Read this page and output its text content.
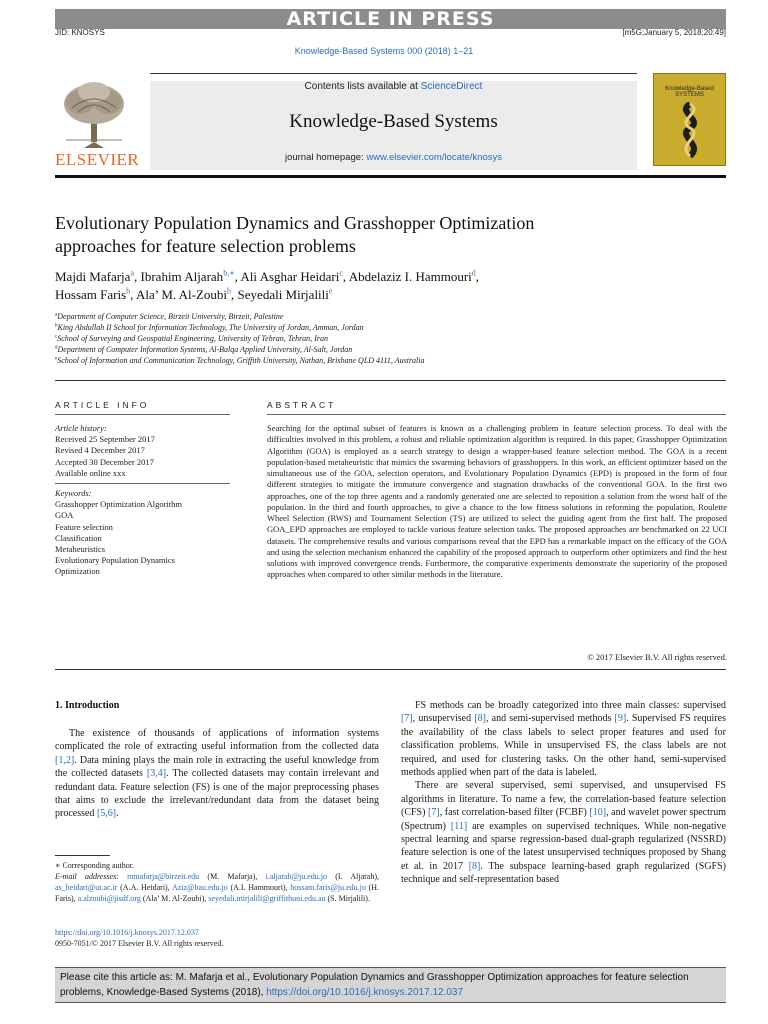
ARTICLE IN PRESS
JID: KNOSYS	[m5G;January 5, 2018;20:49]
Knowledge-Based Systems 000 (2018) 1–21
ELSEVIER
Contents lists available at ScienceDirect
Knowledge-Based Systems
journal homepage: www.elsevier.com/locate/knosys
Knowledge-Based SYSTEMS
Evolutionary Population Dynamics and Grasshopper Optimization
approaches for feature selection problems
Majdi Mafarja$^a$, Ibrahim Aljarah$^{b,∗}$, Ali Asghar Heidari$^c$, Abdelaziz I. Hammouri$^d$,
Hossam Faris$^b$, Ala’ M. Al-Zoubi$^b$, Seyedali Mirjalili$^e$
$^a$Department of Computer Science, Birzeit University, Birzeit, Palestine
$^b$King Abdullah II School for Information Technology, The University of Jordan, Amman, Jordan
$^c$School of Surveying and Geospatial Engineering, University of Tehran, Tehran, Iran
$^d$Department of Computer Information Systems, Al-Balqa Applied University, Al-Salt, Jordan
$^e$School of Information and Communication Technology, Griffith University, Nathan, Brisbane QLD 4111, Australia
ARTICLE INFO	ABSTRACT
Article history:
Received 25 September 2017
Revised 4 December 2017
Accepted 30 December 2017
Available online xxx
Keywords:
Grasshopper Optimization Algorithm
GOA
Feature selection
Classification
Metaheuristics
Evolutionary Population Dynamics
Optimization
Searching for the optimal subset of features is known as a challenging problem in feature selection process. To deal with the difficulties involved in this problem, a robust and reliable optimization algorithm is required. In this paper, Grasshopper Optimization Algorithm (GOA) is employed as a search strategy to design a wrapper-based feature selection method. The GOA is a recent population-based metaheuristic that mimics the swarming behaviors of grasshoppers. In this work, an efficient optimizer based on the simultaneous use of the GOA, selection operators, and Evolutionary Population Dynamics (EPD) is proposed in the form of four different strategies to mitigate the immature convergence and stagnation drawbacks of the conventional GOA. In the first two approaches, one of the top three agents and a randomly generated one are selected to reposition a solution from the worst half of the population. In the third and fourth approaches, to give a chance to the low fitness solutions in reforming the population, Roulette Wheel Selection (RWS) and Tournament Selection (TS) are utilized to select the guiding agent from the first half. The proposed GOA_EPD approaches are employed to tackle various feature selection tasks. The proposed approaches are benchmarked on 22 UCI datasets. The comprehensive results and various comparisons reveal that the EPD has a remarkable impact on the efficacy of the GOA and using the selection mechanism enhanced the capability of the proposed approach to outperform other optimizers and find the best solutions with improved convergence trends. Furthermore, the comparative experiments demonstrate the superiority of the proposed approaches when compared to other similar methods in the literature.
© 2017 Elsevier B.V. All rights reserved.
1. Introduction
The existence of thousands of applications of information systems complicated the role of extracting useful information from the collected data [1,2]. Data mining plays the main role in extracting the useful knowledge from the collected datasets [3,4]. The collected datasets may contain irrelevant and redundant data. Feature selection (FS) is one of the major preprocessing phases that aims to exclude the irrelevant/redundant data from the dataset being processed [5,6].

FS methods can be broadly categorized into three main classes: supervised [7], unsupervised [8], and semi-supervised methods [9]. Supervised FS requires the availability of the class labels to select proper features and used for classification problems. While in unsupervised FS, the class labels are not required, and used for clustering tasks. On the other hand, semi-supervised methods applied when part of the data is labeled.

There are several supervised, semi supervised, and unsupervised FS algorithms in literature. To name a few, the correlation-based feature selection (CFS) [7], fast correlation-based filter (FCBF) [10], and wavelet power spectrum (Spectrum) [11] are examples on supervised techniques. While non-negative spectral learning and sparse regression-based dual-graph regularized (NSSRD) feature selection is one of the latest unsupervised techniques proposed by Shang et al. in 2017 [8]. The subspace learning-based graph regularized (SGFS) technique and self-representation based

∗ Corresponding author.
E-mail addresses: mmafarja@birzeit.edu (M. Mafarja), i.aljarah@ju.edu.jo (I. Aljarah), as_heidari@ut.ac.ir (A.A. Heidari), Aziz@bau.edu.jo (A.I. Hammouri), hossam.faris@ju.edu.jo (H. Faris), a.alzoubi@jisdf.org (Ala’ M. Al-Zoubi), seyedali.mirjalili@griffithuni.edu.au (S. Mirjalili).
https://doi.org/10.1016/j.knosys.2017.12.037
0950-7051/© 2017 Elsevier B.V. All rights reserved.
Please cite this article as: M. Mafarja et al., Evolutionary Population Dynamics and Grasshopper Optimization approaches for feature selection problems, Knowledge-Based Systems (2018), https://doi.org/10.1016/j.knosys.2017.12.037
